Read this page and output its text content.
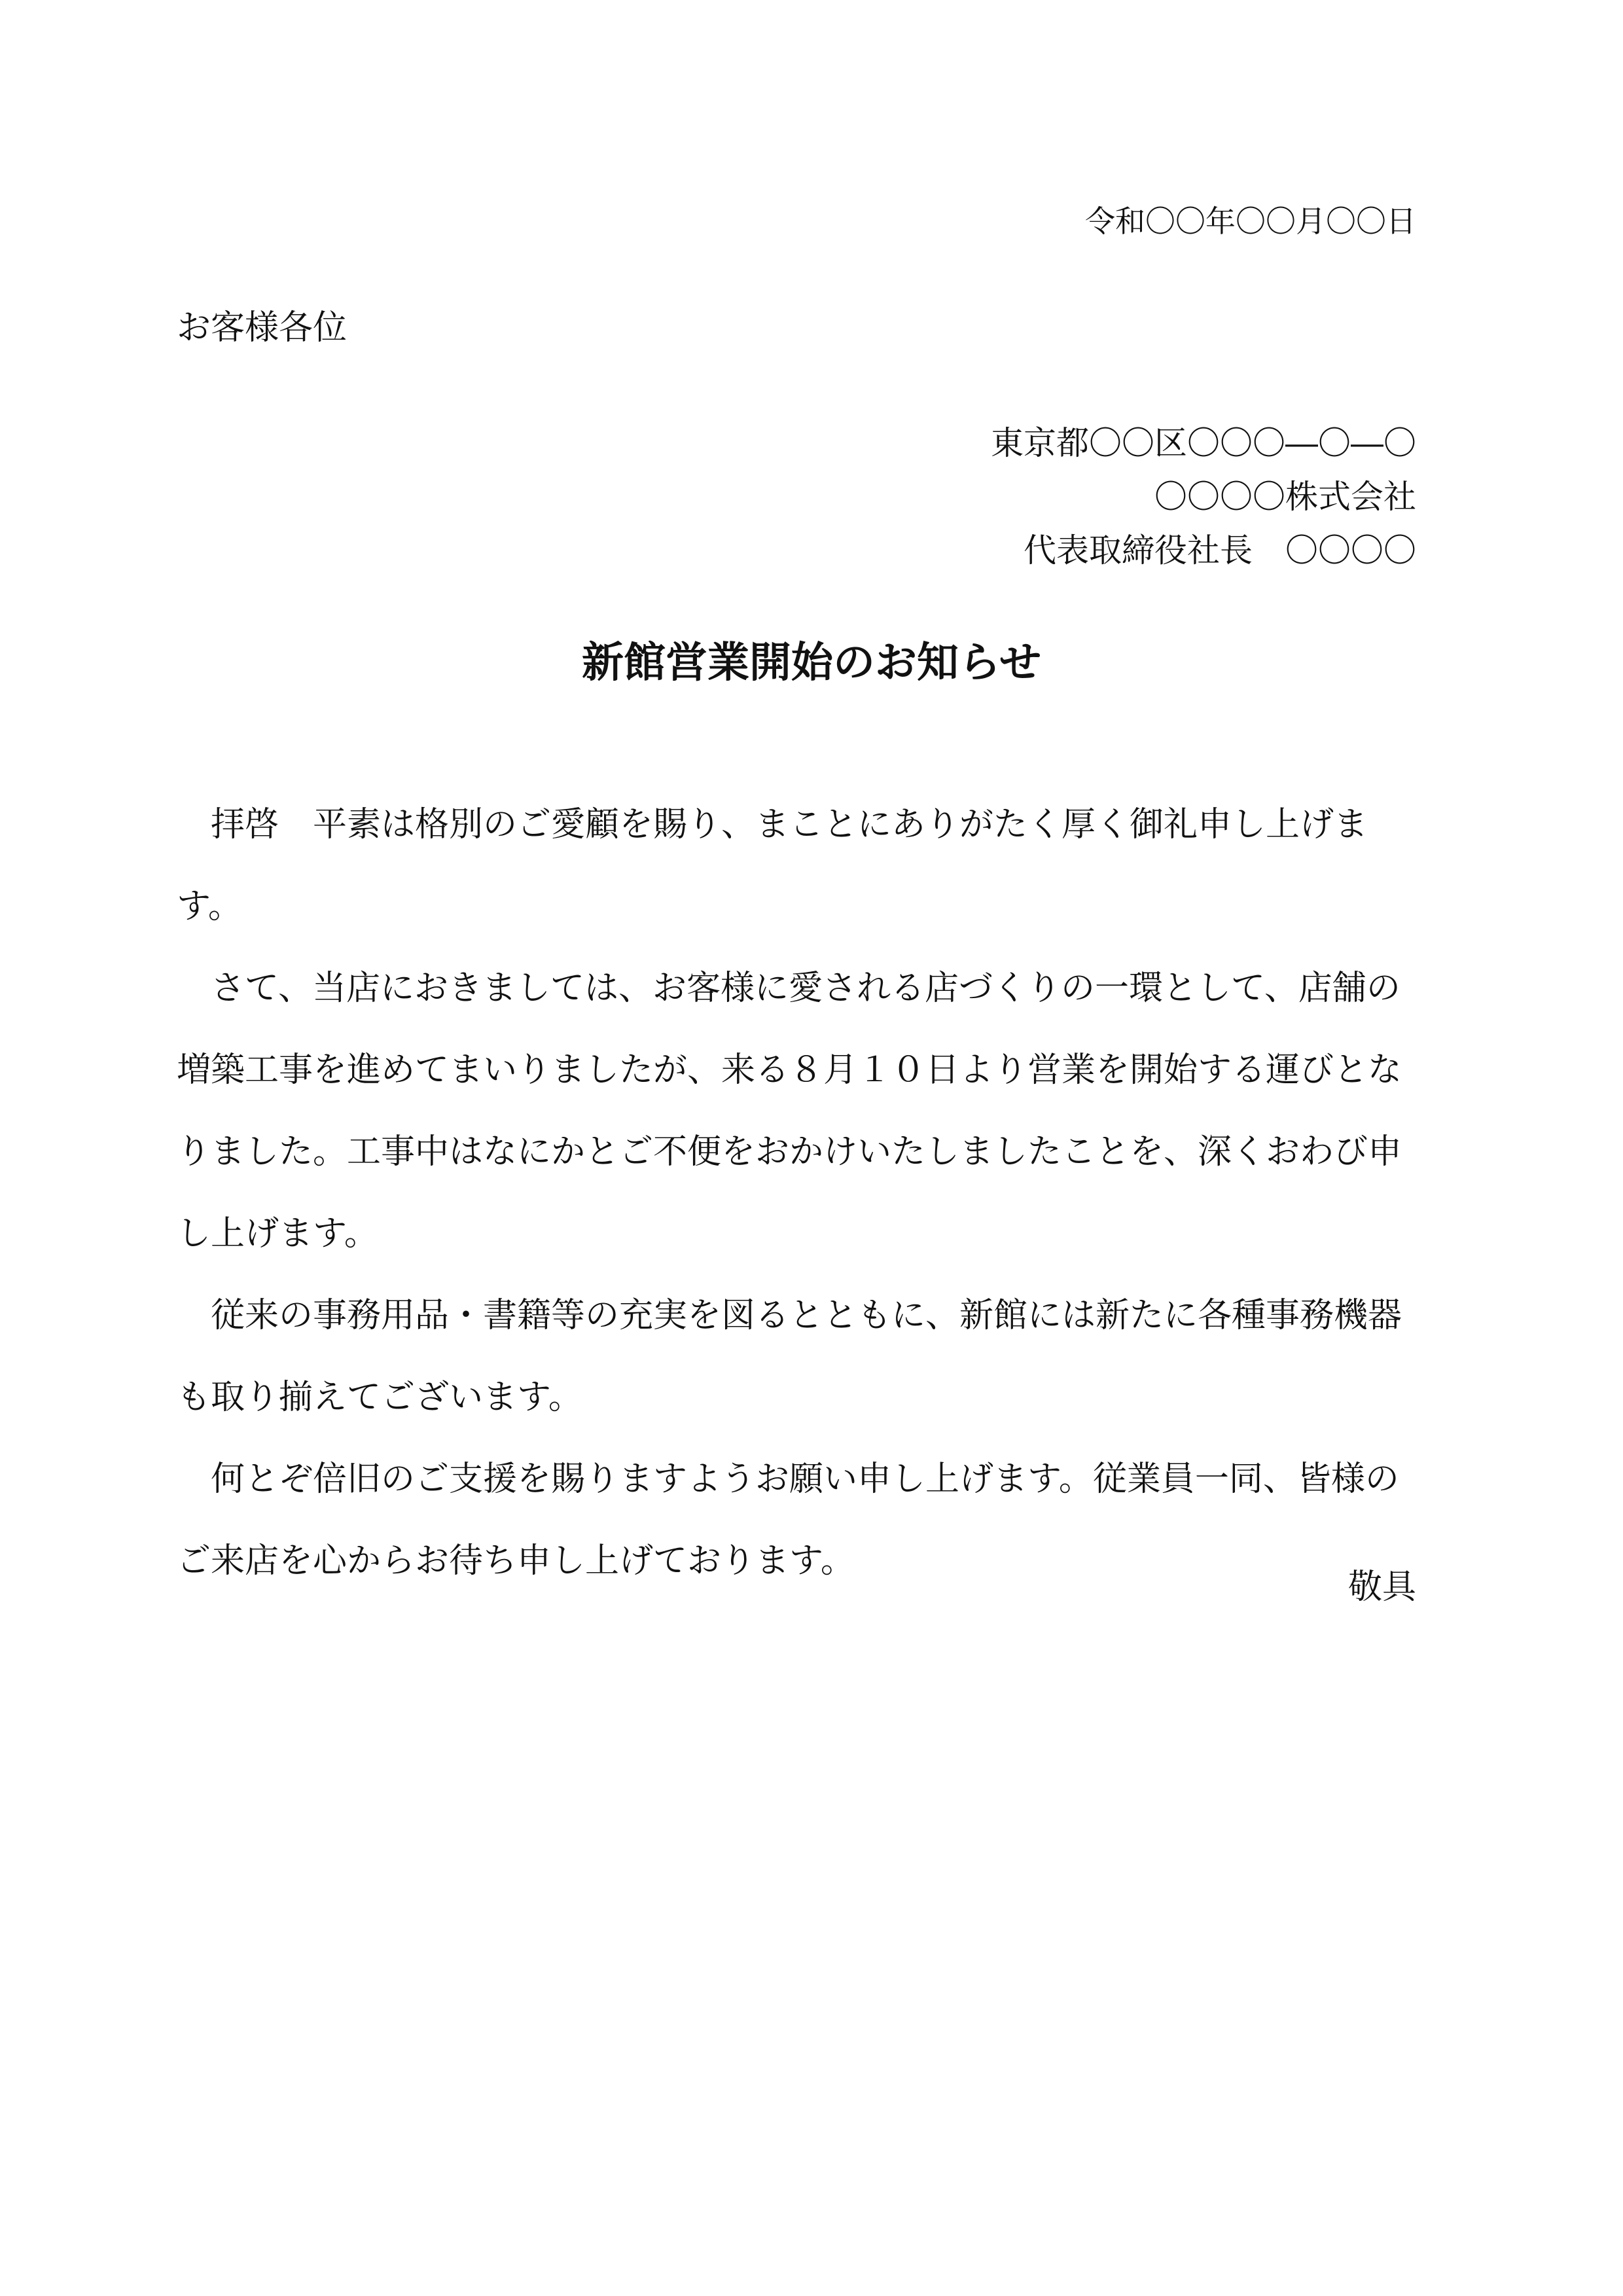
令和〇〇年〇〇月〇〇日
お客様各位
東京都〇〇区〇〇〇―〇―〇
〇〇〇〇株式会社
代表取締役社長　〇〇〇〇
新館営業開始のお知らせ

拝啓　平素は格別のご愛顧を賜り、まことにありがたく厚く御礼申し上げます。

さて、当店におきましては、お客様に愛される店づくりの一環として、店舗の増築工事を進めてまいりましたが、来る８月１０日より営業を開始する運びとなりました。工事中はなにかとご不便をおかけいたしましたことを、深くおわび申し上げます。

従来の事務用品・書籍等の充実を図るとともに、新館には新たに各種事務機器も取り揃えてございます。

何とぞ倍旧のご支援を賜りますようお願い申し上げます。従業員一同、皆様のご来店を心からお待ち申し上げております。

敬具
